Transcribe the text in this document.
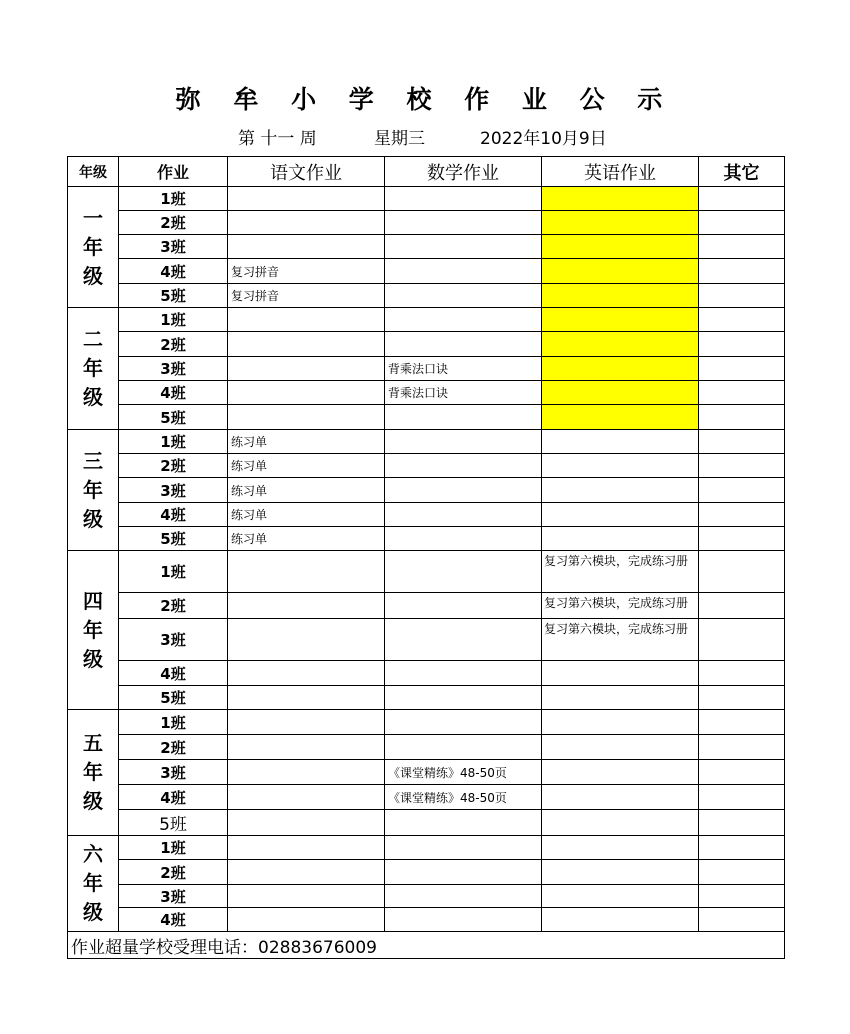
弥 牟 小 学 校 作 业 公 示
第 十一 周	星期三	2022年10月9日
年级	作业	语文作业	数学作业	英语作业	其它
一
年
级	1班				
	2班				
	3班				
	4班	复习拼音			
	5班	复习拼音			
二
年
级	1班				
	2班				
	3班		背乘法口诀		
	4班		背乘法口诀		
	5班				
三
年
级	1班	练习单			
	2班	练习单			
	3班	练习单			
	4班	练习单			
	5班	练习单			
四
年
级	1班			复习第六模块，完成练习册	
	2班			复习第六模块，完成练习册	
	3班			复习第六模块，完成练习册	
	4班				
	5班				
五
年
级	1班				
	2班				
	3班		《课堂精练》48-50页		
	4班		《课堂精练》48-50页		
	5班				
六
年
级	1班				
	2班				
	3班				
	4班				
作业超量学校受理电话：02883676009					
